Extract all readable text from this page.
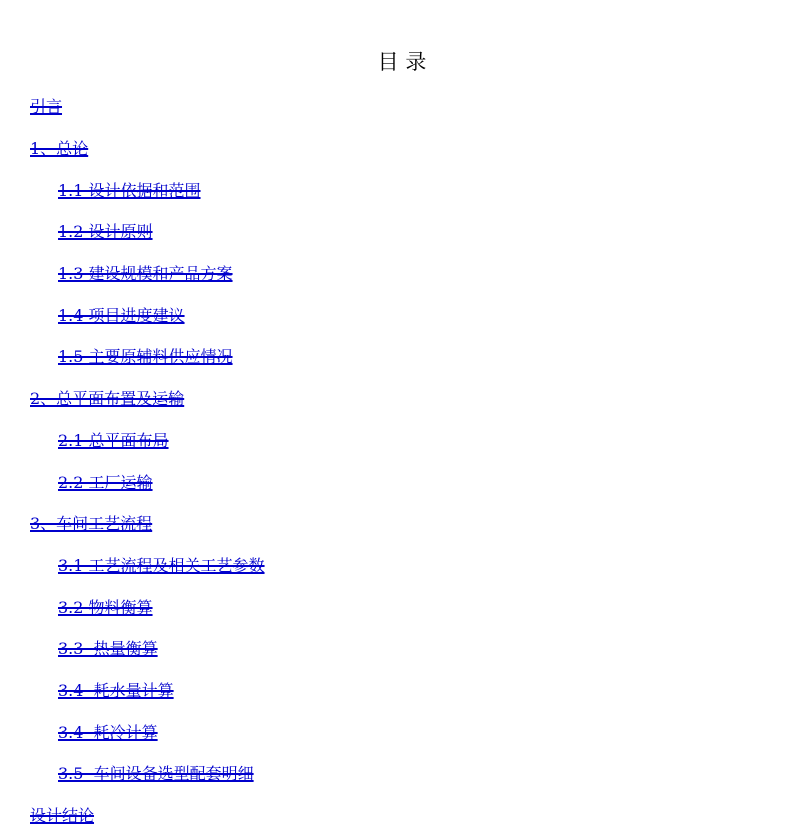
目 录
引言
1、总论
1.1 设计依据和范围
1.2 设计原则
1.3 建设规模和产品方案
1.4 项目进度建议
1.5 主要原辅料供应情况
2、总平面布置及运输
2.1 总平面布局
2.2 工厂运输
3、车间工艺流程
3.1 工艺流程及相关工艺参数
3.2 物料衡算
3.3  热量衡算
3.4  耗水量计算
3.4  耗冷计算
3.5  车间设备选型配套明细
设计结论
